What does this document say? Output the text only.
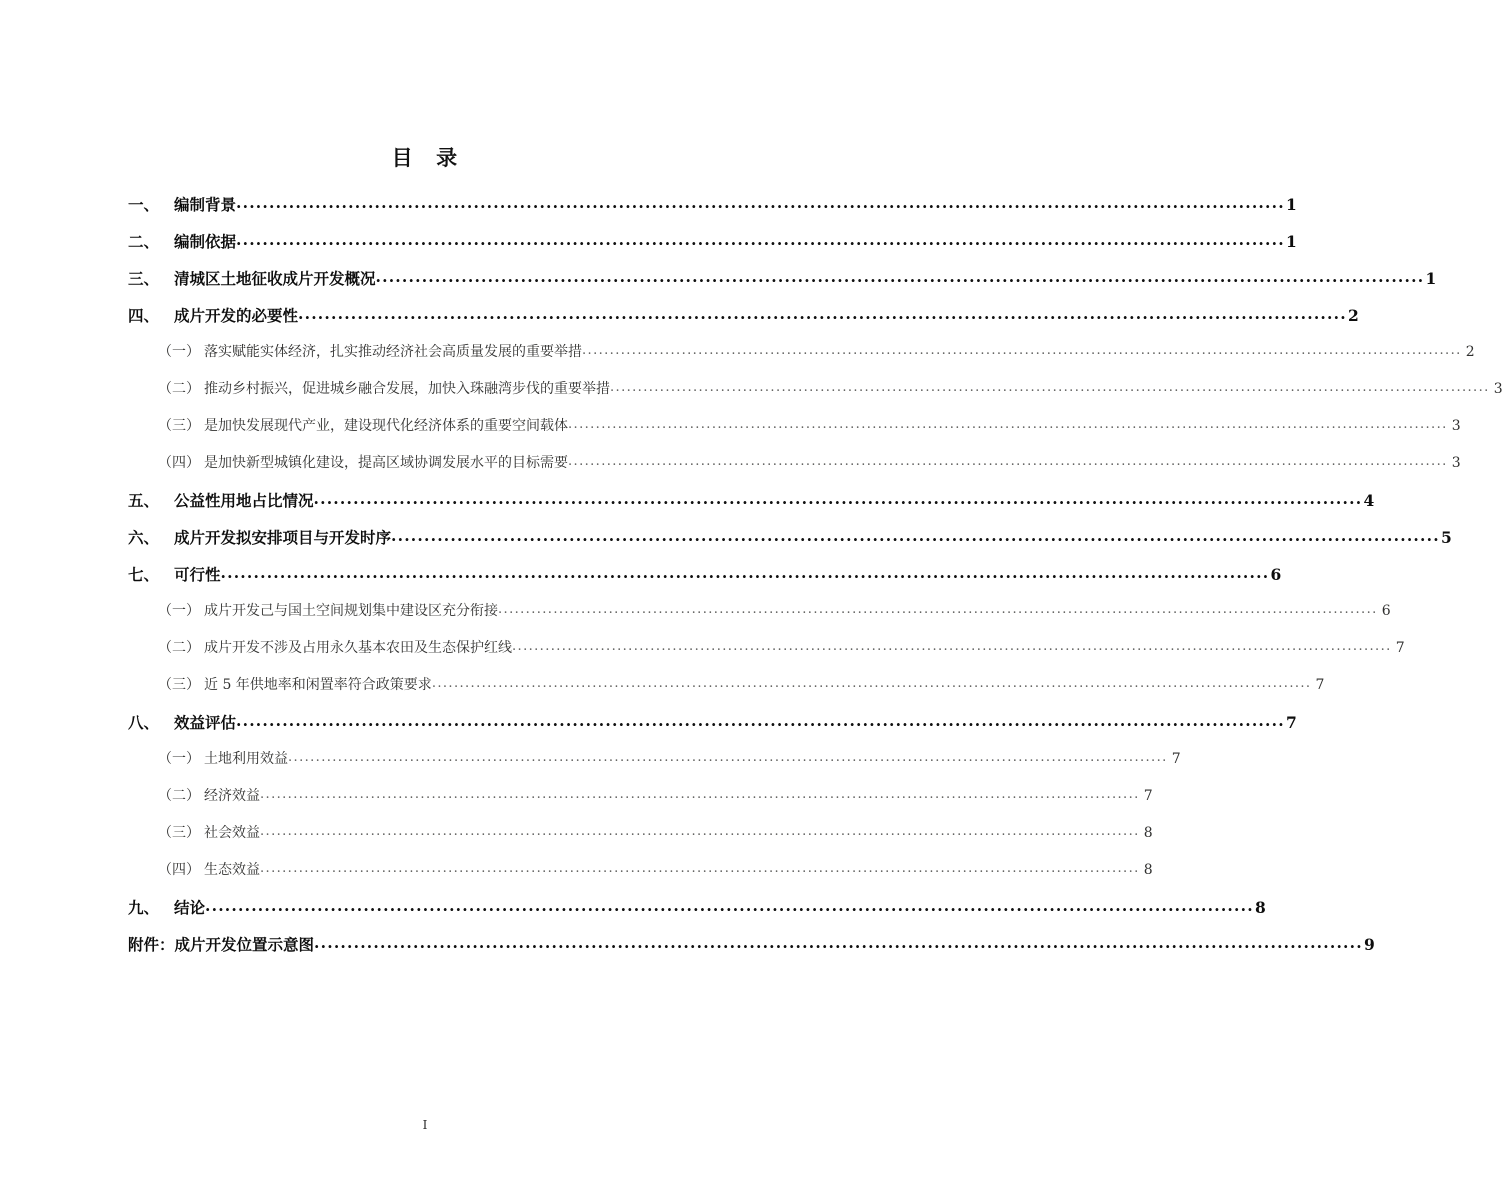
目　录
一、 编制背景 ............................................................................................................................................................... 1
二、 编制依据 ............................................................................................................................................................... 1
三、 清城区土地征收成片开发概况 ............................................................................................................................................................... 1
四、 成片开发的必要性 ............................................................................................................................................................... 2
（一） 落实赋能实体经济，扎实推动经济社会高质量发展的重要举措 ............................................................................................................................................................... 2
（二） 推动乡村振兴，促进城乡融合发展，加快入珠融湾步伐的重要举措 ............................................................................................................................................................... 3
（三） 是加快发展现代产业，建设现代化经济体系的重要空间载体 ............................................................................................................................................................... 3
（四） 是加快新型城镇化建设，提高区域协调发展水平的目标需要 ............................................................................................................................................................... 3
五、 公益性用地占比情况 ............................................................................................................................................................... 4
六、 成片开发拟安排项目与开发时序 ............................................................................................................................................................... 5
七、 可行性 ............................................................................................................................................................... 6
（一） 成片开发己与国土空间规划集中建设区充分衔接 ............................................................................................................................................................... 6
（二） 成片开发不涉及占用永久基本农田及生态保护红线 ............................................................................................................................................................... 7
（三） 近 5 年供地率和闲置率符合政策要求 ............................................................................................................................................................... 7
八、 效益评估 ............................................................................................................................................................... 7
（一） 土地利用效益 ............................................................................................................................................................... 7
（二） 经济效益 ............................................................................................................................................................... 7
（三） 社会效益 ............................................................................................................................................................... 8
（四） 生态效益 ............................................................................................................................................................... 8
九、 结论 ............................................................................................................................................................... 8
附件： 成片开发位置示意图 ............................................................................................................................................................... 9
I
